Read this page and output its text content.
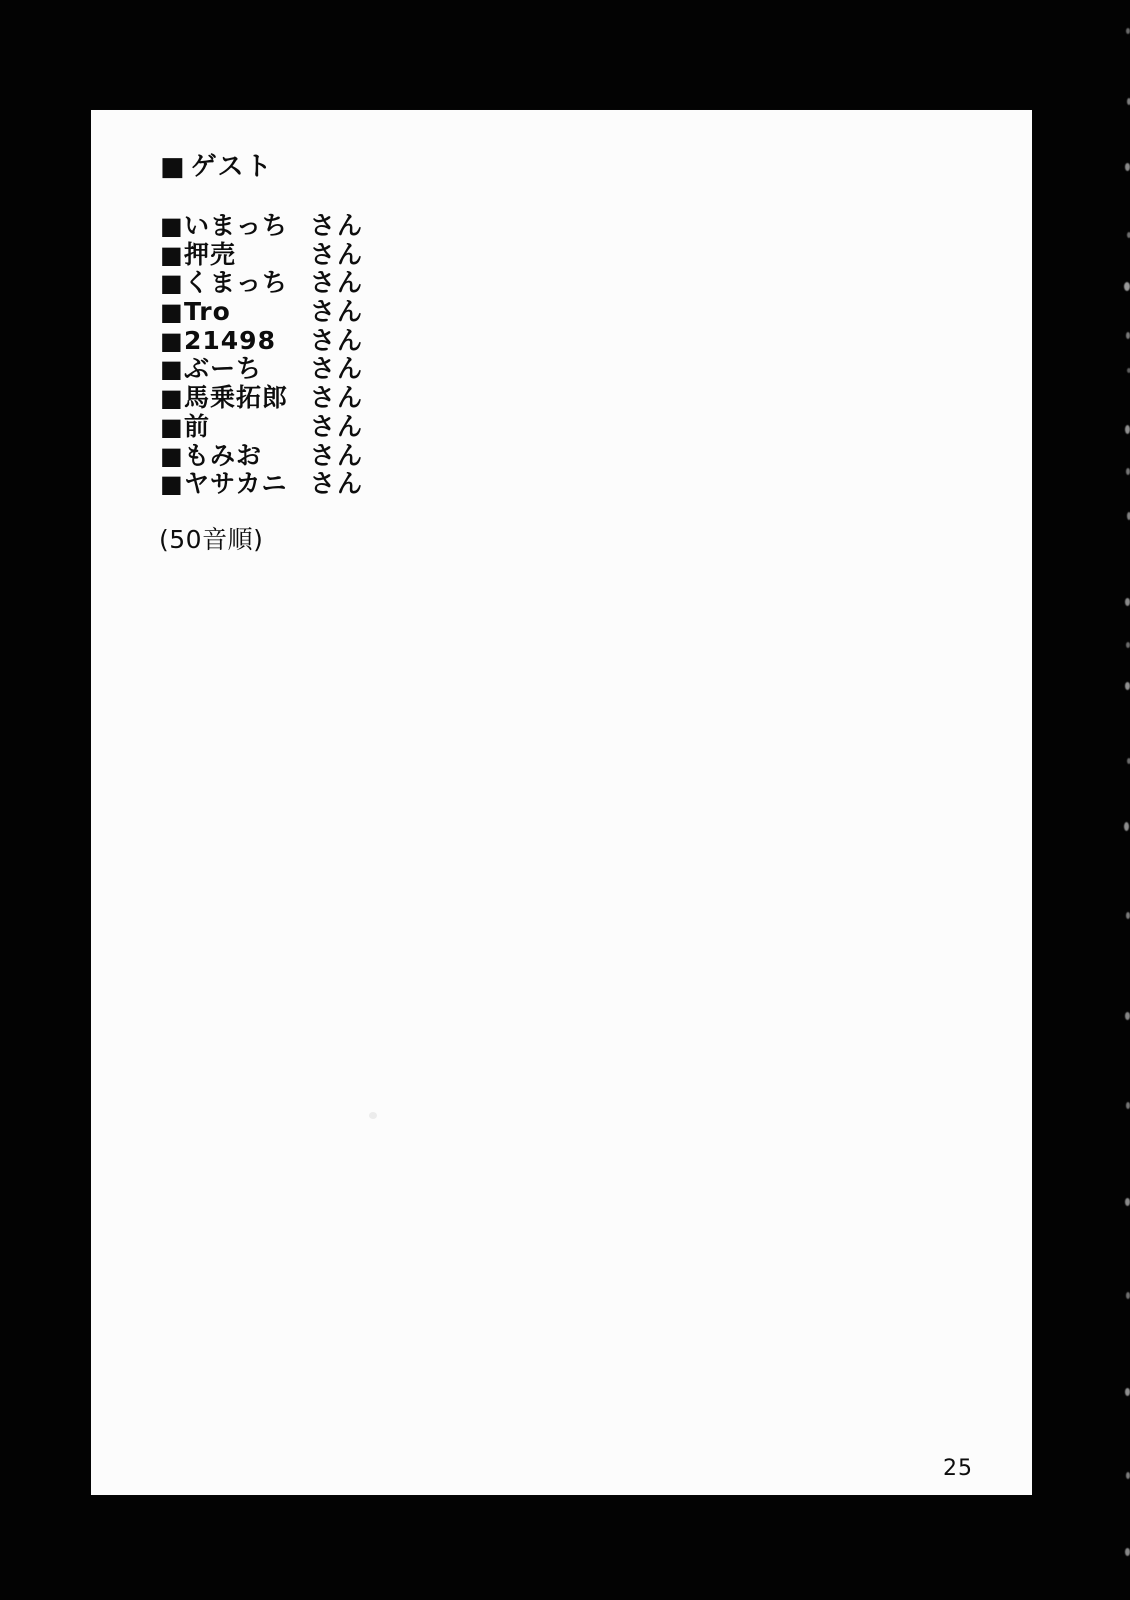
■ ゲスト
■ いまっち さん
■ 押売	さん
■ くまっち さん
■ Tro	さん
■ 21498	さん
■ ぶーち	さん
■ 馬乗拓郎 さん
■ 前	さん
■ もみお	さん
■ ヤサカニ さん
(50音順)
25
